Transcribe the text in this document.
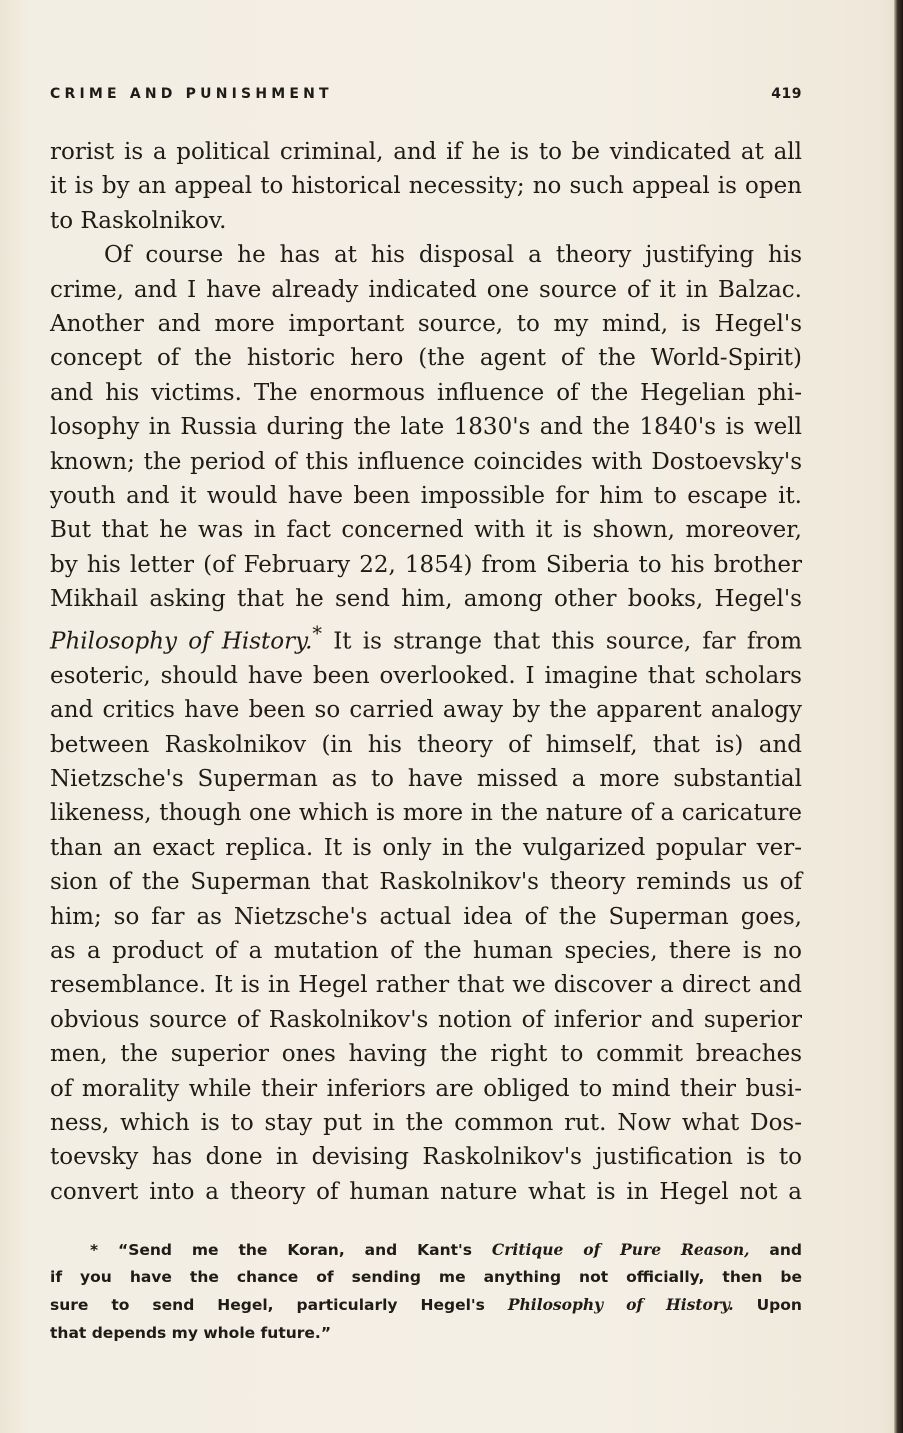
CRIME AND PUNISHMENT	419
rorist is a political criminal, and if he is to be vindicated at all
it is by an appeal to historical necessity; no such appeal is open
to Raskolnikov.
Of course he has at his disposal a theory justifying his
crime, and I have already indicated one source of it in Balzac.
Another and more important source, to my mind, is Hegel's
concept of the historic hero (the agent of the World-Spirit)
and his victims. The enormous influence of the Hegelian phi-
losophy in Russia during the late 1830's and the 1840's is well
known; the period of this influence coincides with Dostoevsky's
youth and it would have been impossible for him to escape it.
But that he was in fact concerned with it is shown, moreover,
by his letter (of February 22, 1854) from Siberia to his brother
Mikhail asking that he send him, among other books, Hegel's
Philosophy of History.* It is strange that this source, far from
esoteric, should have been overlooked. I imagine that scholars
and critics have been so carried away by the apparent analogy
between Raskolnikov (in his theory of himself, that is) and
Nietzsche's Superman as to have missed a more substantial
likeness, though one which is more in the nature of a caricature
than an exact replica. It is only in the vulgarized popular ver-
sion of the Superman that Raskolnikov's theory reminds us of
him; so far as Nietzsche's actual idea of the Superman goes,
as a product of a mutation of the human species, there is no
resemblance. It is in Hegel rather that we discover a direct and
obvious source of Raskolnikov's notion of inferior and superior
men, the superior ones having the right to commit breaches
of morality while their inferiors are obliged to mind their busi-
ness, which is to stay put in the common rut. Now what Dos-
toevsky has done in devising Raskolnikov's justification is to
convert into a theory of human nature what is in Hegel not a
* “Send me the Koran, and Kant's Critique of Pure Reason, and
if you have the chance of sending me anything not officially, then be
sure to send Hegel, particularly Hegel's Philosophy of History. Upon
that depends my whole future.”
